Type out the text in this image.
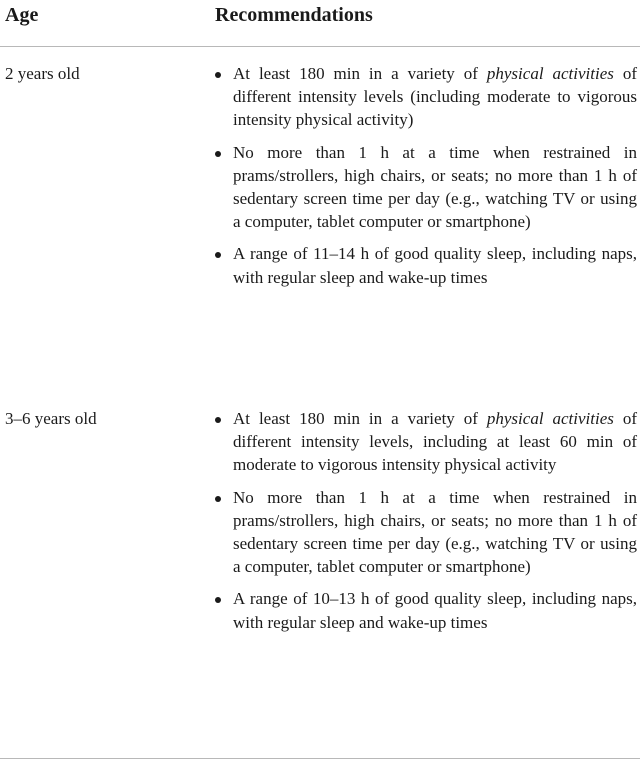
Age	Recommendations
2 years old	At least 180 min in a variety of physical activities of different intensity levels (including moderate to vigorous intensity physical activity)
No more than 1 h at a time when restrained in prams/strollers, high chairs, or seats; no more than 1 h of sedentary screen time per day (e.g., watching TV or using a computer, tablet computer or smartphone)
A range of 11–14 h of good quality sleep, including naps, with regular sleep and wake-up times
3–6 years old	At least 180 min in a variety of physical activities of different intensity levels, including at least 60 min of moderate to vigorous intensity physical activity
No more than 1 h at a time when restrained in prams/strollers, high chairs, or seats; no more than 1 h of sedentary screen time per day (e.g., watching TV or using a computer, tablet computer or smartphone)
A range of 10–13 h of good quality sleep, including naps, with regular sleep and wake-up times
